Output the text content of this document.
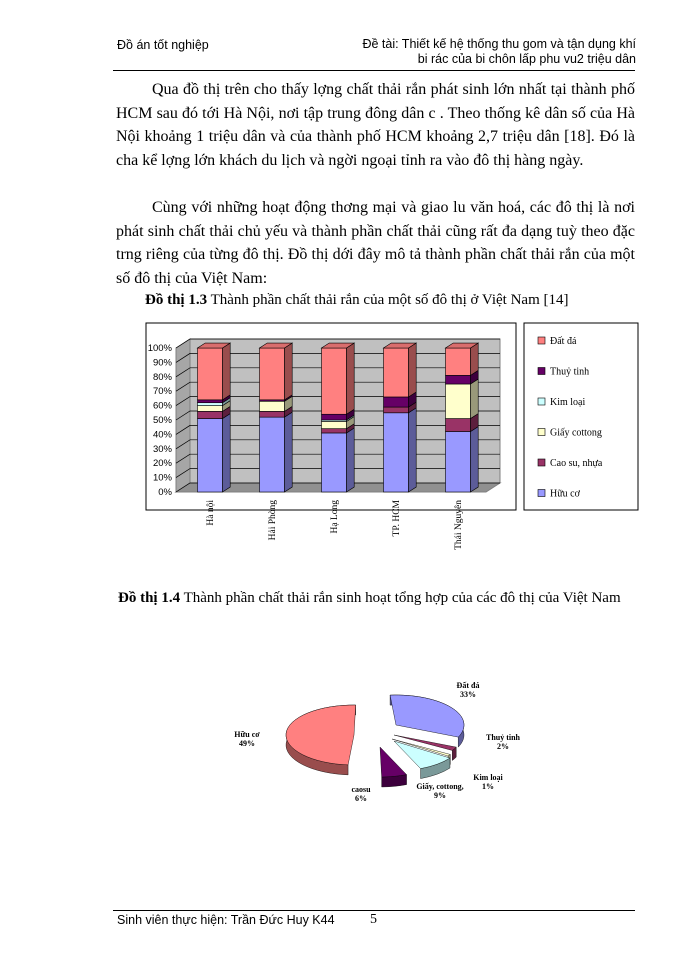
Đồ án tốt nghiệp	Đề tài: Thiết kế hệ thống thu gom và tận dụng khí
bi rác của bi chôn lấp phu vu2 triệu dân

Qua đồ thị trên cho thấy lợng chất thải rắn phát sinh lớn nhất tại thành phố HCM sau đó tới Hà Nội, nơi tập trung đông dân c . Theo thống kê dân số của Hà Nội khoảng 1 triệu dân và của thành phố HCM khoảng 2,7 triệu dân [18]. Đó là cha kể lợng lớn khách du lịch và ngời ngoại tỉnh ra vào đô thị hàng ngày.

Cùng với những hoạt động thơng mại và giao lu văn hoá, các đô thị là nơi phát sinh chất thải chủ yếu và thành phần chất thải cũng rất đa dạng tuỳ theo đặc trng riêng của từng đô thị. Đồ thị dới đây mô tả thành phần chất thải rắn của một số đô thị của Việt Nam:

Đồ thị 1.3 Thành phần chất thải rắn của một số đô thị ở Việt Nam [14]

Đồ thị 1.4 Thành phần chất thải rắn sinh hoạt tổng hợp của các đô thị của Việt Nam

0%
10%
20%
30%
40%
50%
60%
70%
80%
90%
100%
Hà nội	Hải Phòng	Hạ Long	TP. HCM	Thái Nguyên
Đất đá
Thuỷ tinh
Kim loại
Giấy cottong
Cao su, nhựa
Hữu cơ
Hữu cơ 49%
Đất đá 33%
Thuỷ tinh 2%
Kim loại 1%
Giấy, cottong, 9%
caosu 6%
Sinh viên thực hiện: Trần Đức Huy K44	5
